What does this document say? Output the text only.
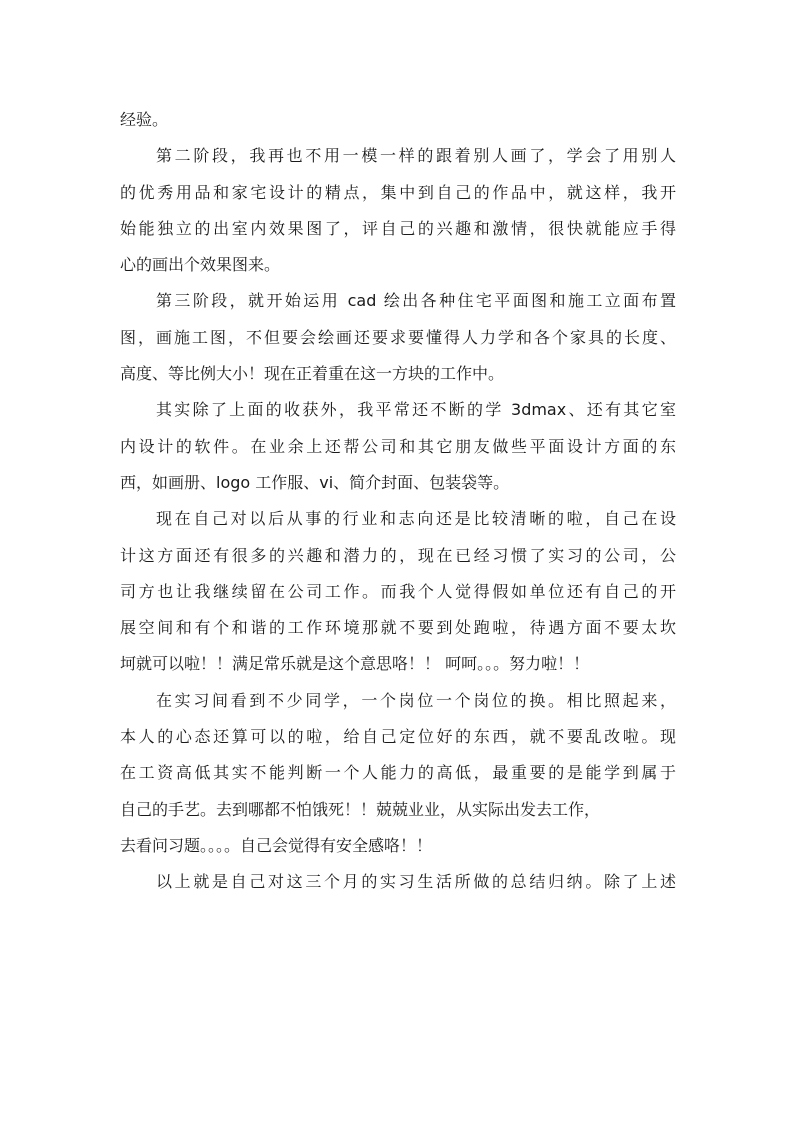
经验。
第二阶段，我再也不用一模一样的跟着别人画了，学会了用别人
的优秀用品和家宅设计的精点，集中到自己的作品中，就这样，我开
始能独立的出室内效果图了，评自己的兴趣和激情，很快就能应手得
心的画出个效果图来。
第三阶段，就开始运用 cad 绘出各种住宅平面图和施工立面布置
图，画施工图，不但要会绘画还要求要懂得人力学和各个家具的长度、
高度、等比例大小！现在正着重在这一方块的工作中。
其实除了上面的收获外，我平常还不断的学 3dmax、还有其它室
内设计的软件。在业余上还帮公司和其它朋友做些平面设计方面的东
西，如画册、logo 工作服、vi、简介封面、包装袋等。
现在自己对以后从事的行业和志向还是比较清晰的啦，自己在设
计这方面还有很多的兴趣和潜力的，现在已经习惯了实习的公司，公
司方也让我继续留在公司工作。而我个人觉得假如单位还有自己的开
展空间和有个和谐的工作环境那就不要到处跑啦，待遇方面不要太坎
坷就可以啦！！满足常乐就是这个意思咯！！ 呵呵。。。努力啦！！
在实习间看到不少同学，一个岗位一个岗位的换。相比照起来，
本人的心态还算可以的啦，给自己定位好的东西，就不要乱改啦。现
在工资高低其实不能判断一个人能力的高低，最重要的是能学到属于
自己的手艺。去到哪都不怕饿死！！兢兢业业，从实际出发去工作，
去看问习题。。。。自己会觉得有安全感咯！！
以上就是自己对这三个月的实习生活所做的总结归纳。除了上述
